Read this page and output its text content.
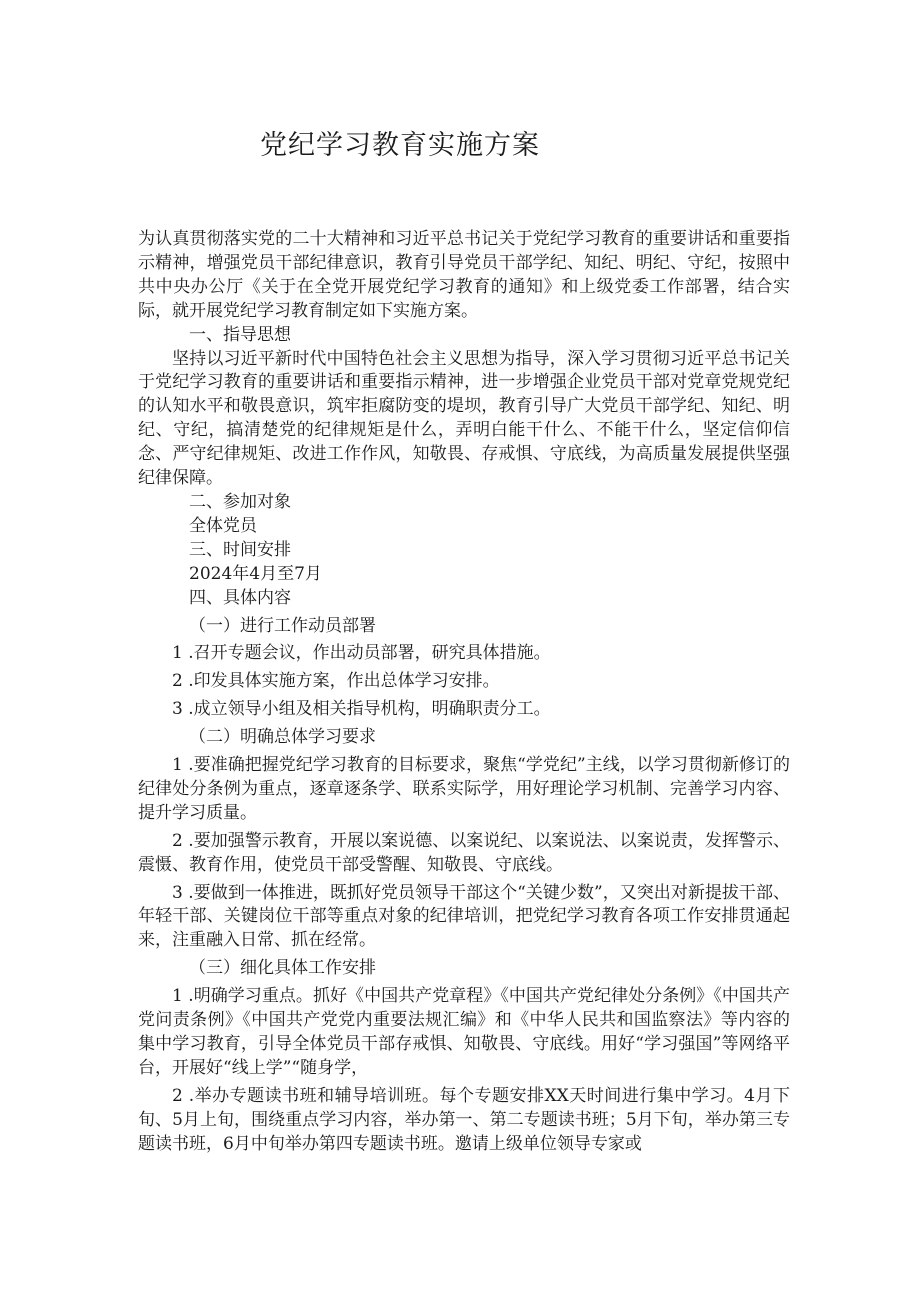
党纪学习教育实施方案

为认真贯彻落实党的二十大精神和习近平总书记关于党纪学习教育的重要讲话和重要指示精神，增强党员干部纪律意识，教育引导党员干部学纪、知纪、明纪、守纪，按照中共中央办公厅《关于在全党开展党纪学习教育的通知》和上级党委工作部署，结合实际，就开展党纪学习教育制定如下实施方案。

一、指导思想

坚持以习近平新时代中国特色社会主义思想为指导，深入学习贯彻习近平总书记关于党纪学习教育的重要讲话和重要指示精神，进一步增强企业党员干部对党章党规党纪的认知水平和敬畏意识，筑牢拒腐防变的堤坝，教育引导广大党员干部学纪、知纪、明纪、守纪，搞清楚党的纪律规矩是什么，弄明白能干什么、不能干什么，坚定信仰信念、严守纪律规矩、改进工作作风，知敬畏、存戒惧、守底线，为高质量发展提供坚强纪律保障。

二、参加对象

全体党员

三、时间安排

2024年4月至7月

四、具体内容

（一）进行工作动员部署

1 .召开专题会议，作出动员部署，研究具体措施。

2 .印发具体实施方案，作出总体学习安排。

3 .成立领导小组及相关指导机构，明确职责分工。

（二）明确总体学习要求

1 .要准确把握党纪学习教育的目标要求，聚焦“学党纪”主线，以学习贯彻新修订的纪律处分条例为重点，逐章逐条学、联系实际学，用好理论学习机制、完善学习内容、提升学习质量。

2 .要加强警示教育，开展以案说德、以案说纪、以案说法、以案说责，发挥警示、震慑、教育作用，使党员干部受警醒、知敬畏、守底线。

3 .要做到一体推进，既抓好党员领导干部这个“关键少数”，又突出对新提拔干部、年轻干部、关键岗位干部等重点对象的纪律培训，把党纪学习教育各项工作安排贯通起来，注重融入日常、抓在经常。

（三）细化具体工作安排

1 .明确学习重点。抓好《中国共产党章程》《中国共产党纪律处分条例》《中国共产党问责条例》《中国共产党党内重要法规汇编》和《中华人民共和国监察法》等内容的集中学习教育，引导全体党员干部存戒惧、知敬畏、守底线。用好“学习强国”等网络平台，开展好“线上学”“随身学，

2 .举办专题读书班和辅导培训班。每个专题安排XX天时间进行集中学习。4月下旬、5月上旬，围绕重点学习内容，举办第一、第二专题读书班；5月下旬，举办第三专题读书班，6月中旬举办第四专题读书班。邀请上级单位领导专家或
